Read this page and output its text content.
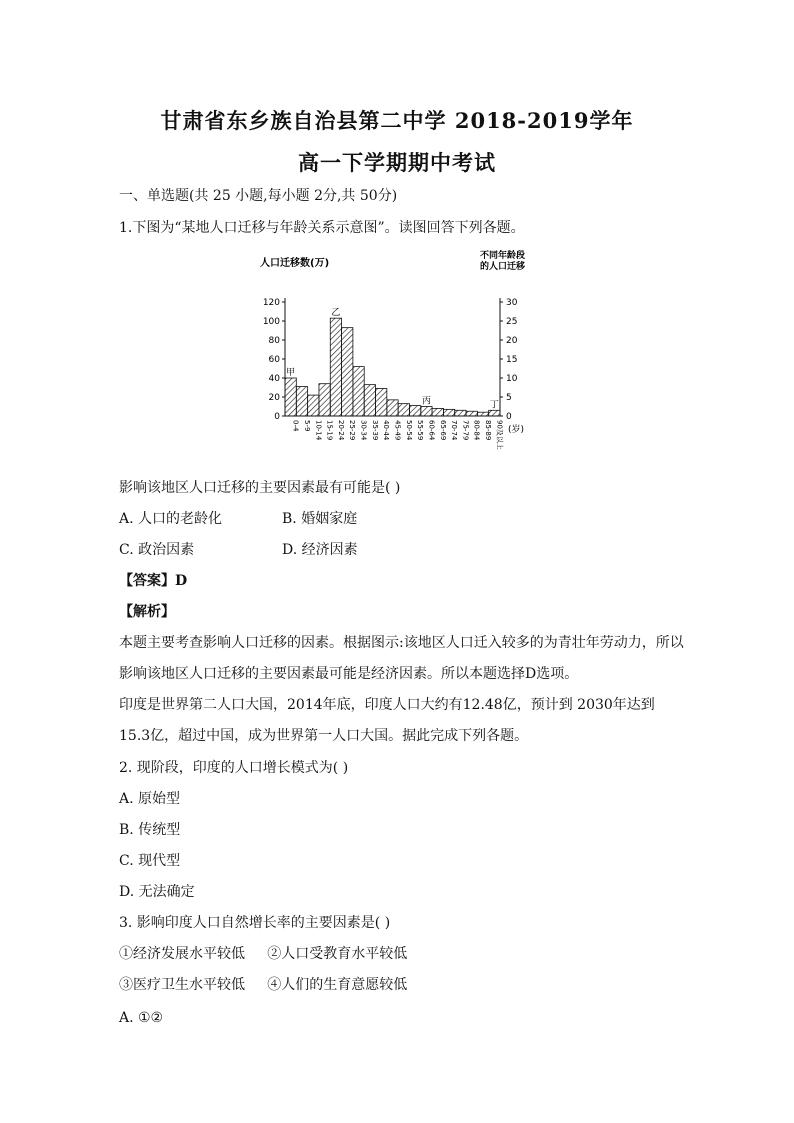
甘肃省东乡族自治县第二中学 2018-2019学年
高一下学期期中考试
一、单选题(共 25 小题,每小题 2分,共 50分)
1.下图为“某地人口迁移与年龄关系示意图”。读图回答下列各题。
人口迁移数(万)
不同年龄段的人口迁移
0
20
40
60
80
100
120
0
5
10
15
20
25
30
甲
乙
丙	丁
0-4 5-9 10-14 15-19 20-24 25-29 30-34 35-39 40-44 45-49 50-54 55-59 60-64 65-69 70-74 75-79 80-84 85-89 90及以上 (岁)
影响该地区人口迁移的主要因素最有可能是( )
A. 人口的老龄化	B. 婚姻家庭
C. 政治因素	D. 经济因素
【答案】D
【解析】
本题主要考查影响人口迁移的因素。根据图示:该地区人口迁入较多的为青壮年劳动力，所以影响该地区人口迁移的主要因素最可能是经济因素。所以本题选择D选项。
印度是世界第二人口大国，2014年底，印度人口大约有12.48亿，预计到 2030年达到 15.3亿，超过中国，成为世界第一人口大国。据此完成下列各题。
2. 现阶段，印度的人口增长模式为( )
A. 原始型
B. 传统型
C. 现代型
D. 无法确定
3. 影响印度人口自然增长率的主要因素是( )
①经济发展水平较低     ②人口受教育水平较低
③医疗卫生水平较低     ④人们的生育意愿较低
A. ①②
